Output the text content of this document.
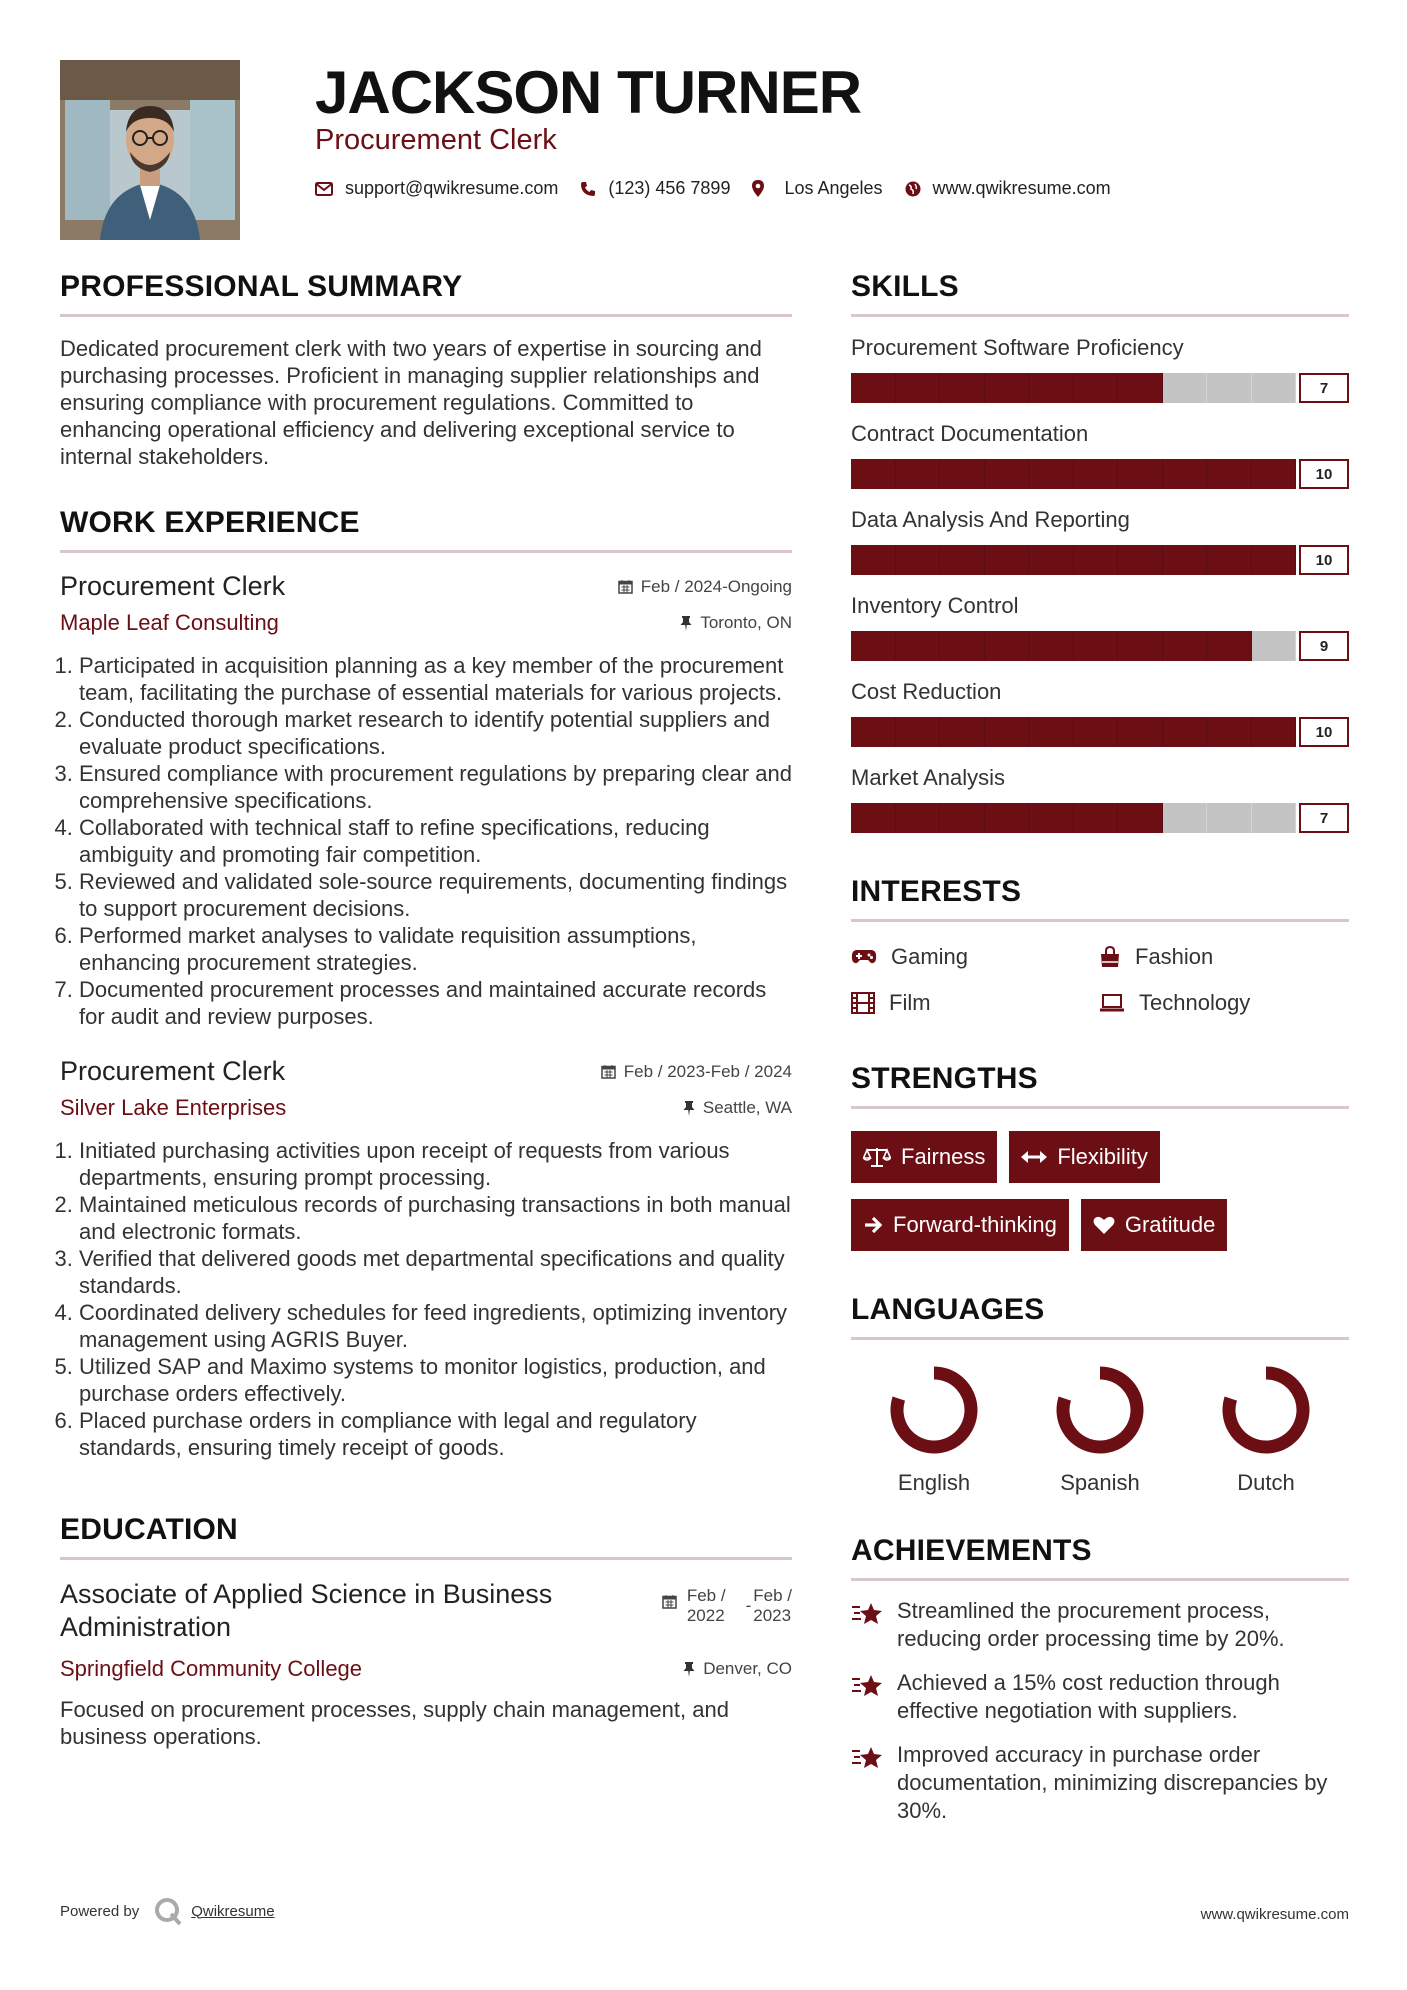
JACKSON TURNER
Procurement Clerk
support@qwikresume.com	(123) 456 7899	Los Angeles	www.qwikresume.com
PROFESSIONAL SUMMARY

Dedicated procurement clerk with two years of expertise in sourcing and purchasing processes. Proficient in managing supplier relationships and ensuring compliance with procurement regulations. Committed to enhancing operational efficiency and delivering exceptional service to internal stakeholders.

WORK EXPERIENCE
Procurement Clerk	Feb / 2024-Ongoing
Maple Leaf Consulting	Toronto, ON
1. Participated in acquisition planning as a key member of the procurement team, facilitating the purchase of essential materials for various projects.
2. Conducted thorough market research to identify potential suppliers and evaluate product specifications.
3. Ensured compliance with procurement regulations by preparing clear and comprehensive specifications.
4. Collaborated with technical staff to refine specifications, reducing ambiguity and promoting fair competition.
5. Reviewed and validated sole-source requirements, documenting findings to support procurement decisions.
6. Performed market analyses to validate requisition assumptions, enhancing procurement strategies.
7. Documented procurement processes and maintained accurate records for audit and review purposes.
Procurement Clerk	Feb / 2023-Feb / 2024
Silver Lake Enterprises	Seattle, WA
1. Initiated purchasing activities upon receipt of requests from various departments, ensuring prompt processing.
2. Maintained meticulous records of purchasing transactions in both manual and electronic formats.
3. Verified that delivered goods met departmental specifications and quality standards.
4. Coordinated delivery schedules for feed ingredients, optimizing inventory management using AGRIS Buyer.
5. Utilized SAP and Maximo systems to monitor logistics, production, and purchase orders effectively.
6. Placed purchase orders in compliance with legal and regulatory standards, ensuring timely receipt of goods.
EDUCATION
Associate of Applied Science in Business Administration
Feb /
2022
-
Feb /
2023
Springfield Community College	Denver, CO

Focused on procurement processes, supply chain management, and business operations.

SKILLS
Procurement Software Proficiency
7
Contract Documentation
10
Data Analysis And Reporting
10
Inventory Control
9
Cost Reduction
10
Market Analysis
7
INTERESTS
Gaming	Fashion
Film	Technology
STRENGTHS
Fairness	Flexibility
Forward-thinking	Gratitude
LANGUAGES
English	Spanish	Dutch
ACHIEVEMENTS
Streamlined the procurement process, reducing order processing time by 20%.
Achieved a 15% cost reduction through effective negotiation with suppliers.
Improved accuracy in purchase order documentation, minimizing discrepancies by 30%.
Powered by	Qwikresume	www.qwikresume.com
